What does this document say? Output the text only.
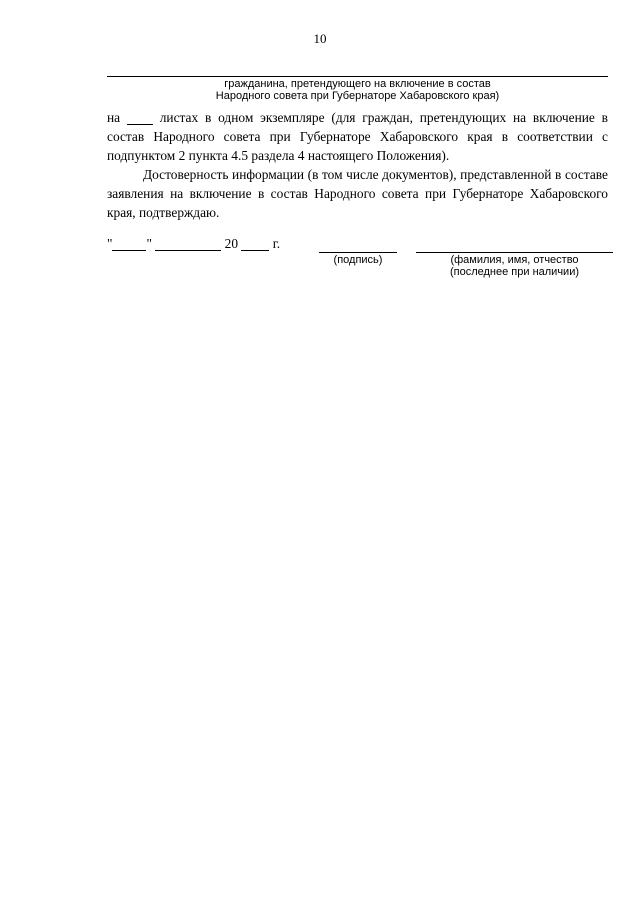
10
гражданина, претендующего на включение в состав
Народного совета при Губернаторе Хабаровского края)

на  листах в одном экземпляре (для граждан, претендующих на включение в состав Народного совета при Губернаторе Хабаровского края в соответствии с подпунктом 2 пункта 4.5 раздела 4 настоящего Положения).

Достоверность информации (в том числе документов), представленной в составе заявления на включение в состав Народного совета при Губернаторе Хабаровского края, подтверждаю.

"	"	20	г.
(подпись)	(фамилия, имя, отчество
(последнее при наличии)
